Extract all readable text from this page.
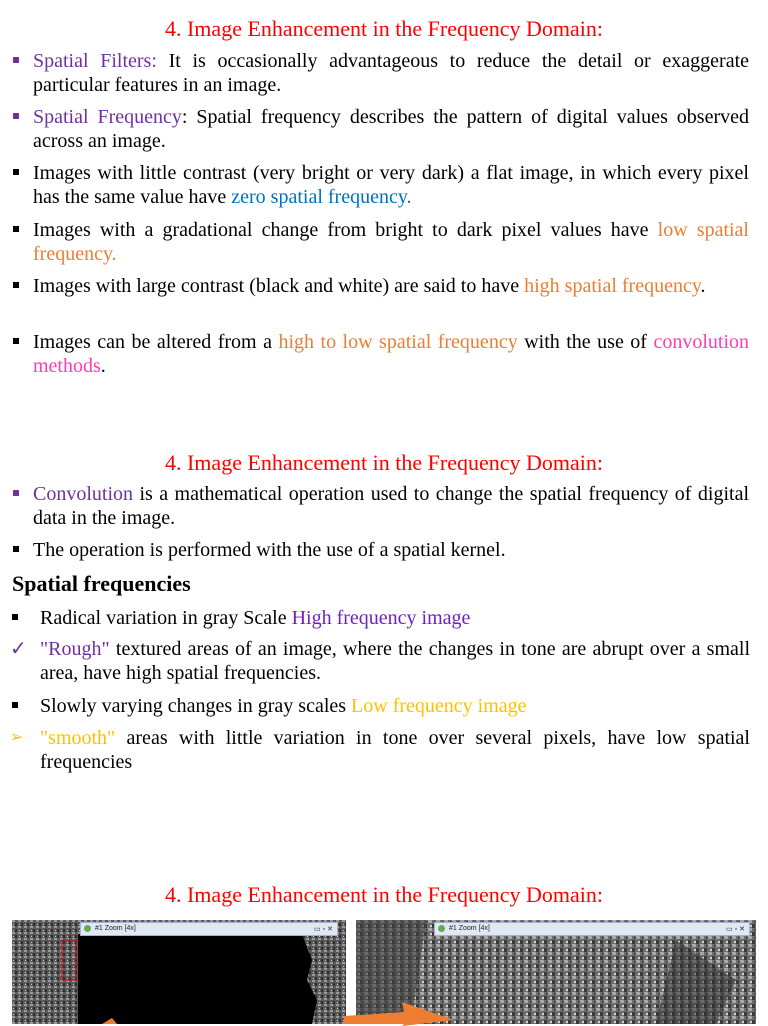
4. Image Enhancement in the Frequency Domain:
Spatial Filters: It is occasionally advantageous to reduce the detail or exaggerate particular features in an image.
Spatial Frequency: Spatial frequency describes the pattern of digital values observed across an image.
Images with little contrast (very bright or very dark) a flat image, in which every pixel has the same value have zero spatial frequency.
Images with a gradational change from bright to dark pixel values have low spatial frequency.
Images with large contrast (black and white) are said to have high spatial frequency.
Images can be altered from a high to low spatial frequency with the use of convolution methods.
4. Image Enhancement in the Frequency Domain:
Convolution is a mathematical operation used to change the spatial frequency of digital data in the image.
The operation is performed with the use of a spatial kernel.
Spatial frequencies
Radical variation in gray Scale High frequency image
✓ "Rough" textured areas of an image, where the changes in tone are abrupt over a small area, have high spatial frequencies.
Slowly varying changes in gray scales Low frequency image
➢ "smooth" areas with little variation in tone over several pixels, have low spatial frequencies
4. Image Enhancement in the Frequency Domain:
#1 Zoom [4x]	▭▫✕	#1 Zoom [4x]	▭▫✕
